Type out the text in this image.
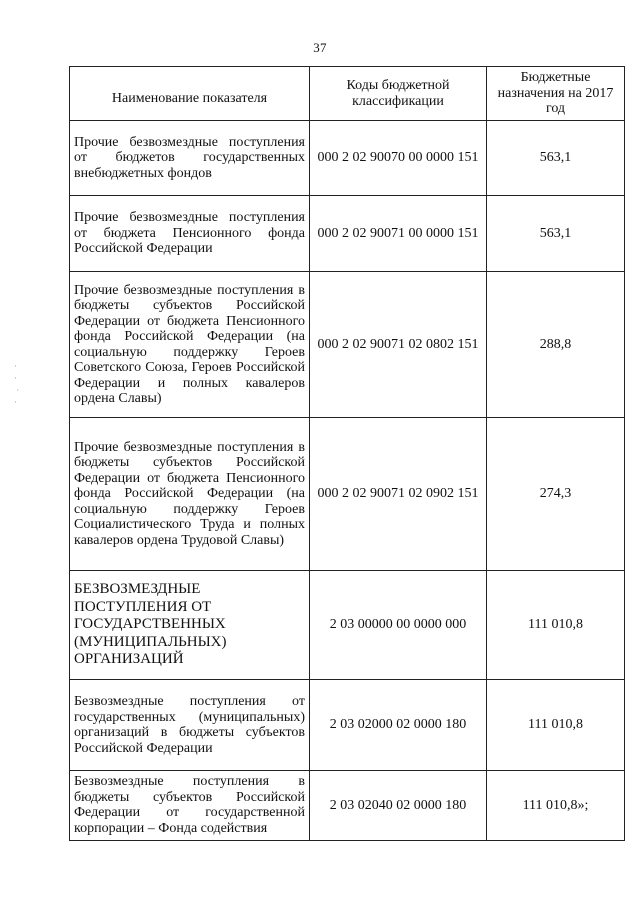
37
Наименование показателя	Коды бюджетной классификации	Бюджетные назначения на 2017 год
Прочие безвозмездные поступления от бюджетов государственных внебюджетных фондов	000 2 02 90070 00 0000 151	563,1
Прочие безвозмездные поступления от бюджета Пенсионного фонда Российской Федерации	000 2 02 90071 00 0000 151	563,1
Прочие безвозмездные поступления в бюджеты субъектов Российской Федерации от бюджета Пенсионного фонда Российской Федерации (на социальную поддержку Героев Советского Союза, Героев Российской Федерации и полных кавалеров ордена Славы)	000 2 02 90071 02 0802 151	288,8
Прочие безвозмездные поступления в бюджеты субъектов Российской Федерации от бюджета Пенсионного фонда Российской Федерации (на социальную поддержку Героев Социалистического Труда и полных кавалеров ордена Трудовой Славы)	000 2 02 90071 02 0902 151	274,3
БЕЗВОЗМЕЗДНЫЕ ПОСТУПЛЕНИЯ ОТ ГОСУДАРСТВЕННЫХ (МУНИЦИПАЛЬНЫХ) ОРГАНИЗАЦИЙ	2 03 00000 00 0000 000	111 010,8
Безвозмездные поступления от государственных (муниципальных) организаций в бюджеты субъектов Российской Федерации	2 03 02000 02 0000 180	111 010,8
Безвозмездные поступления в бюджеты субъектов Российской Федерации от государственной корпорации – Фонда содействия	2 03 02040 02 0000 180	111 010,8»;
·
·
·
·
